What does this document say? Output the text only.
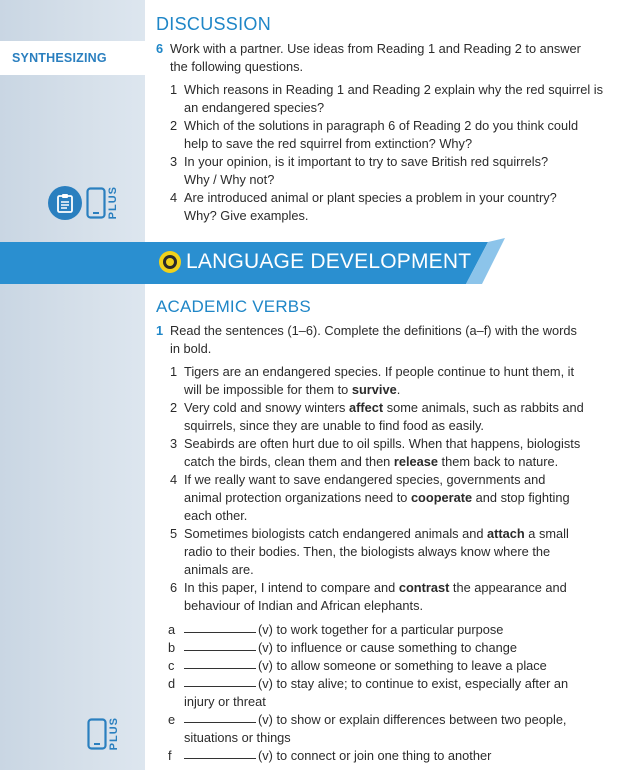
SYNTHESIZING
PLUS
PLUS
DISCUSSION
6 Work with a partner. Use ideas from Reading 1 and Reading 2 to answer
the following questions.
1 Which reasons in Reading 1 and Reading 2 explain why the red squirrel is
an endangered species?
2 Which of the solutions in paragraph 6 of Reading 2 do you think could
help to save the red squirrel from extinction? Why?
3 In your opinion, is it important to try to save British red squirrels?
Why / Why not?
4 Are introduced animal or plant species a problem in your country?
Why? Give examples.
LANGUAGE DEVELOPMENT
ACADEMIC VERBS
1 Read the sentences (1–6). Complete the definitions (a–f) with the words
in bold.
1 Tigers are an endangered species. If people continue to hunt them, it
will be impossible for them to survive.
2 Very cold and snowy winters affect some animals, such as rabbits and
squirrels, since they are unable to find food as easily.
3 Seabirds are often hurt due to oil spills. When that happens, biologists
catch the birds, clean them and then release them back to nature.
4 If we really want to save endangered species, governments and
animal protection organizations need to cooperate and stop fighting
each other.
5 Sometimes biologists catch endangered animals and attach a small
radio to their bodies. Then, the biologists always know where the
animals are.
6 In this paper, I intend to compare and contrast the appearance and
behaviour of Indian and African elephants.
a	(v) to work together for a particular purpose
b	(v) to influence or cause something to change
c	(v) to allow someone or something to leave a place
d	(v) to stay alive; to continue to exist, especially after an
injury or threat
e	(v) to show or explain differences between two people,
situations or things
f	(v) to connect or join one thing to another
